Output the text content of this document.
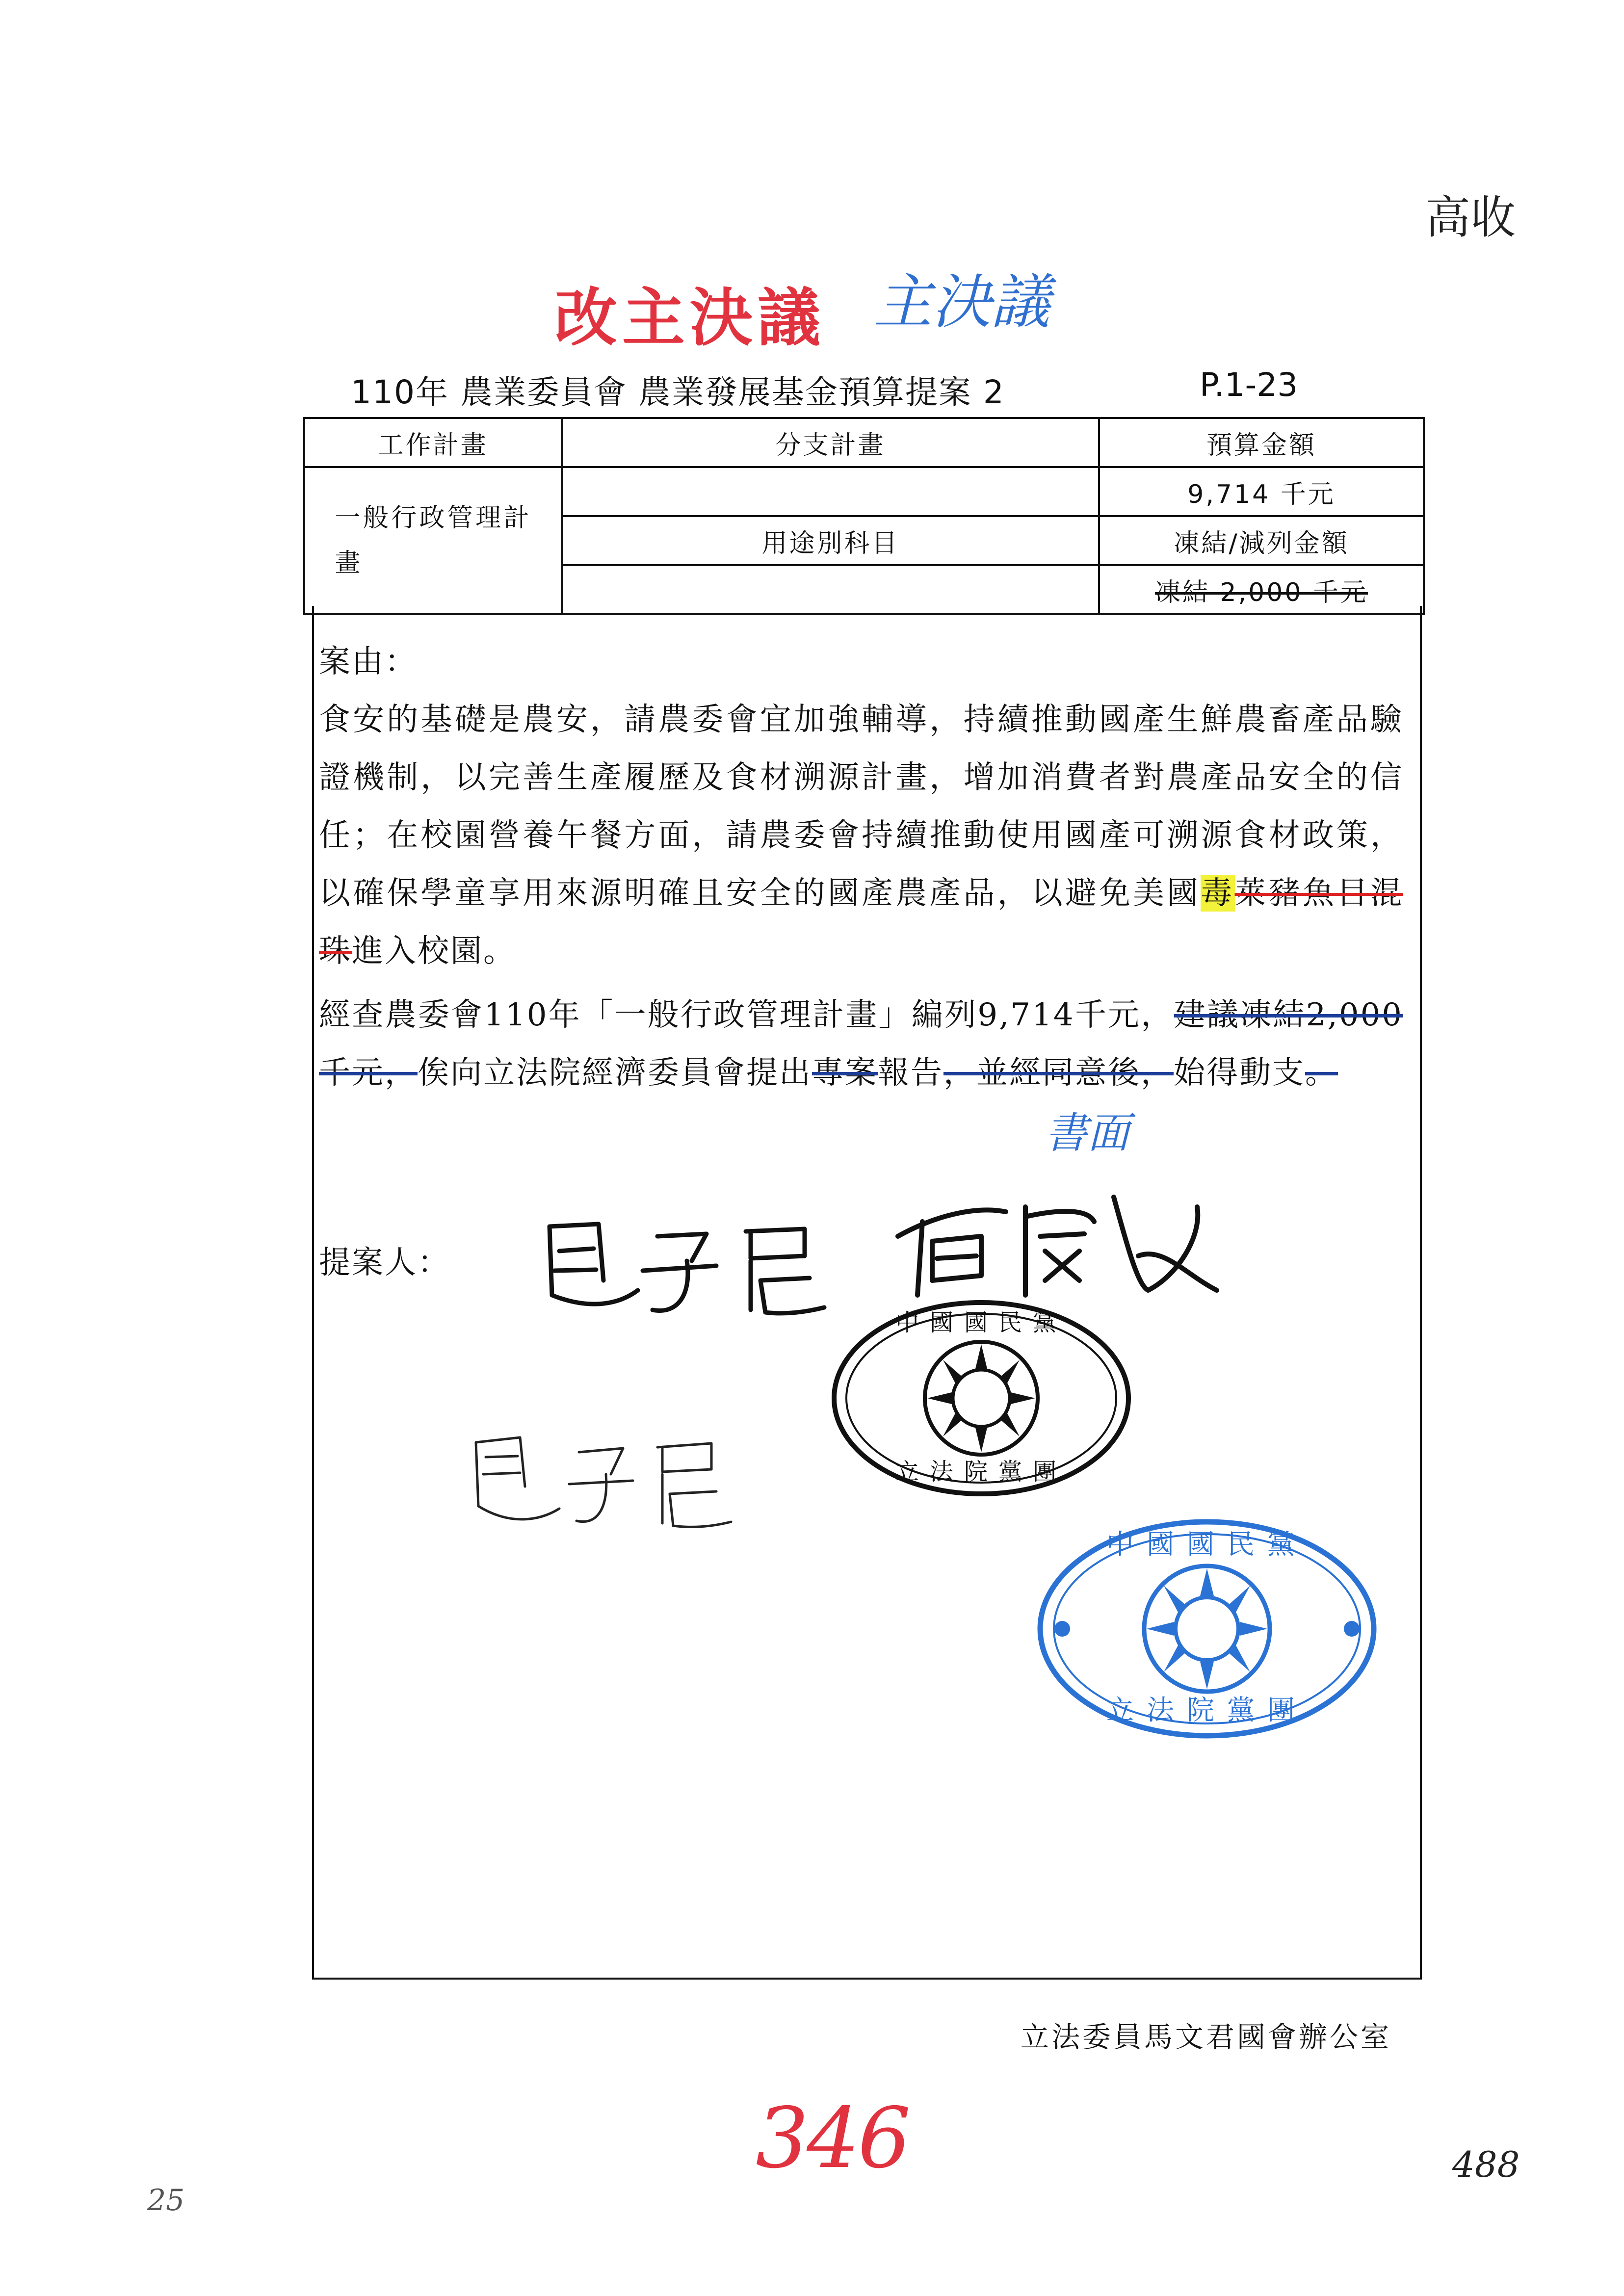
高收
改主決議 主決議
110年 農業委員會 農業發展基金預算提案 2	P.1-23
工作計畫	分支計畫	預算金額
一般行政管理計畫		9,714 千元
	用途別科目	凍結/減列金額
		凍結 2,000 千元
案由：
食安的基礎是農安，請農委會宜加強輔導，持續推動國產生鮮農畜產品驗證機制，以完善生產履歷及食材溯源計畫，增加消費者對農產品安全的信任；在校園營養午餐方面，請農委會持續推動使用國產可溯源食材政策，以確保學童享用來源明確且安全的國產農產品，以避免美國毒萊豬魚目混珠進入校園。
經查農委會110年「一般行政管理計畫」編列9,714千元，建議凍結2,000千元，俟向立法院經濟委員會提出專案報告，並經同意後，始得動支。
書面
提案人：
中國國民黨
立法院黨團
中國國民黨
立法院黨團
立法委員馬文君國會辦公室
346	488
25
